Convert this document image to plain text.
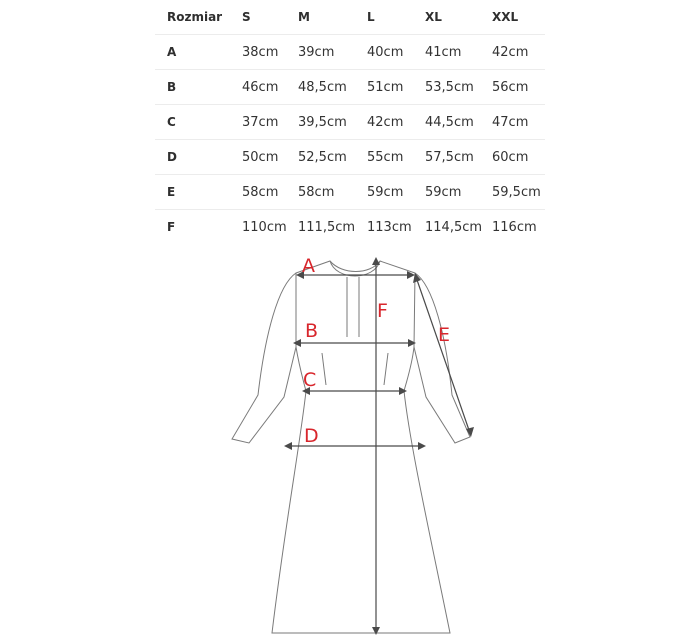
Rozmiar S	M	L	XL	XXL
A	38cm 39cm	40cm 41cm 42cm
B	46cm 48,5cm 51cm 53,5cm 56cm
C	37cm 39,5cm 42cm 44,5cm 47cm
D	50cm 52,5cm 55cm 57,5cm 60cm
E	58cm 58cm	59cm 59cm 59,5cm
F	110cm 111,5cm 113cm 114,5cm 116cm
A
B
C
D
E
F
